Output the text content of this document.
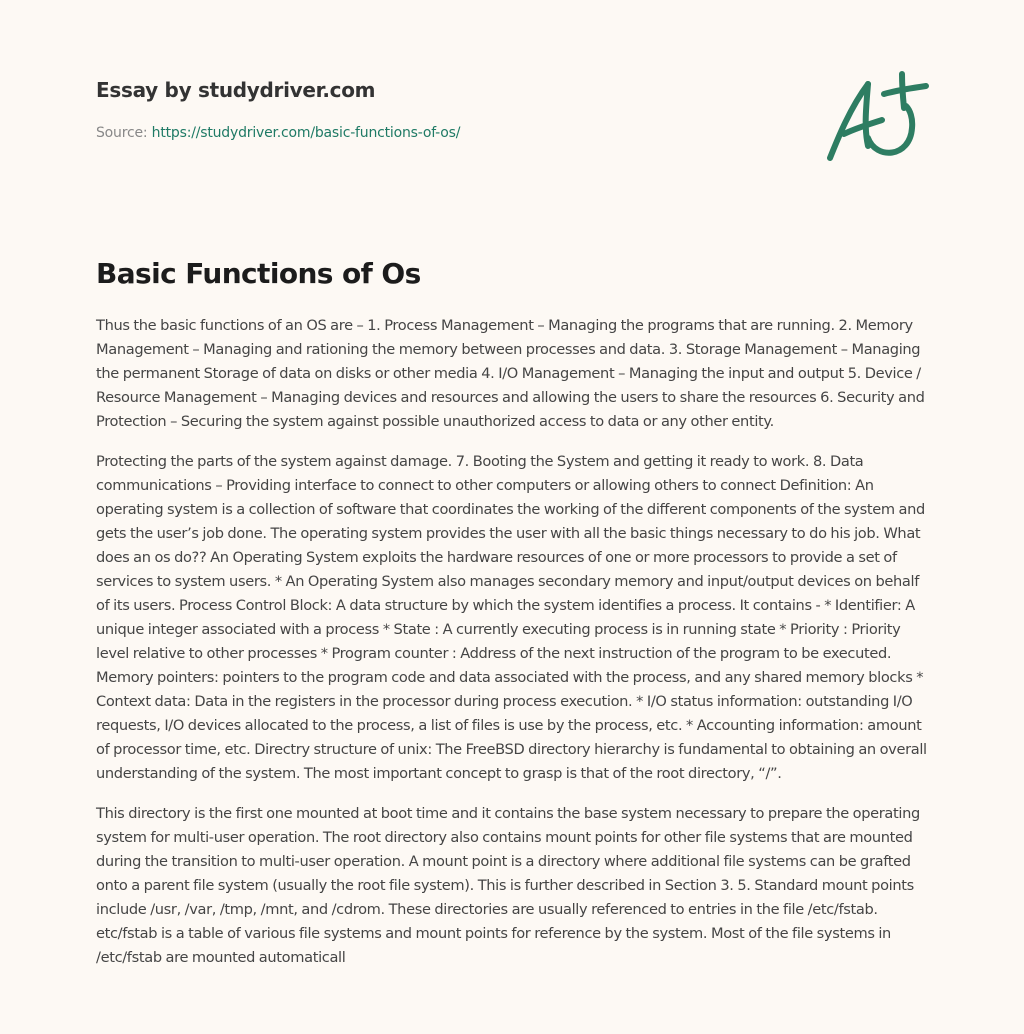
Essay by studydriver.com
Source: https://studydriver.com/basic-functions-of-os/
Basic Functions of Os

Thus the basic functions of an OS are – 1. Process Management – Managing the programs that are running. 2. Memory Management – Managing and rationing the memory between processes and data. 3. Storage Management – Managing the permanent Storage of data on disks or other media 4. I/O Management – Managing the input and output 5. Device / Resource Management – Managing devices and resources and allowing the users to share the resources 6. Security and Protection – Securing the system against possible unauthorized access to data or any other entity.

Protecting the parts of the system against damage. 7. Booting the System and getting it ready to work. 8. Data communications – Providing interface to connect to other computers or allowing others to connect Definition: An operating system is a collection of software that coordinates the working of the different components of the system and gets the user’s job done. The operating system provides the user with all the basic things necessary to do his job. What does an os do?? An Operating System exploits the hardware resources of one or more processors to provide a set of services to system users. * An Operating System also manages secondary memory and input/output devices on behalf of its users. Process Control Block: A data structure by which the system identifies a process. It contains - * Identifier: A unique integer associated with a process * State : A currently executing process is in running state * Priority : Priority level relative to other processes * Program counter : Address of the next instruction of the program to be executed. Memory pointers: pointers to the program code and data associated with the process, and any shared memory blocks * Context data: Data in the registers in the processor during process execution. * I/O status information: outstanding I/O requests, I/O devices allocated to the process, a list of files is use by the process, etc. * Accounting information: amount of processor time, etc. Directry structure of unix: The FreeBSD directory hierarchy is fundamental to obtaining an overall understanding of the system. The most important concept to grasp is that of the root directory, “/”.

This directory is the first one mounted at boot time and it contains the base system necessary to prepare the operating system for multi-user operation. The root directory also contains mount points for other file systems that are mounted during the transition to multi-user operation. A mount point is a directory where additional file systems can be grafted onto a parent file system (usually the root file system). This is further described in Section 3. 5. Standard mount points include /usr, /var, /tmp, /mnt, and /cdrom. These directories are usually referenced to entries in the file /etc/fstab. etc/fstab is a table of various file systems and mount points for reference by the system. Most of the file systems in /etc/fstab are mounted automaticall
